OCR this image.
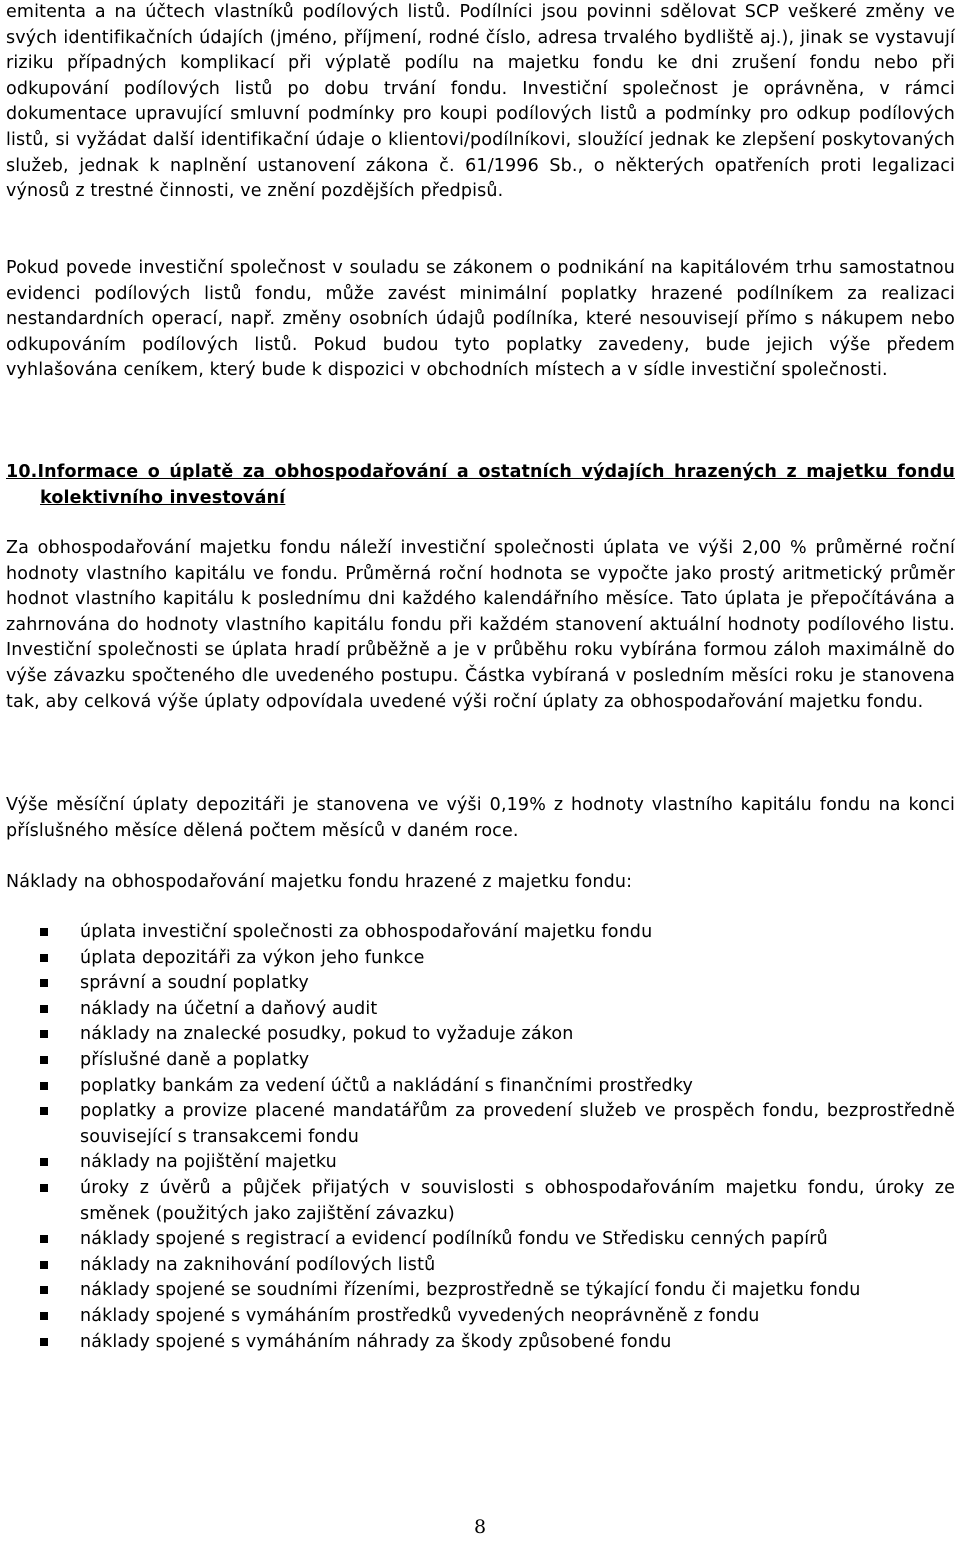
emitenta a na účtech vlastníků podílových listů. Podílníci jsou povinni sdělovat SCP veškeré změny ve svých identifikačních údajích (jméno, příjmení, rodné číslo, adresa trvalého bydliště aj.), jinak se vystavují riziku případných komplikací při výplatě podílu na majetku fondu ke dni zrušení fondu nebo při odkupování podílových listů po dobu trvání fondu. Investiční společnost je oprávněna, v rámci dokumentace upravující smluvní podmínky pro koupi podílových listů a podmínky pro odkup podílových listů, si vyžádat další identifikační údaje o klientovi/podílníkovi, sloužící jednak ke zlepšení poskytovaných služeb, jednak k naplnění ustanovení zákona č. 61/1996 Sb., o některých opatřeních proti legalizaci výnosů z trestné činnosti, ve znění pozdějších předpisů.

Pokud povede investiční společnost v souladu se zákonem o podnikání na kapitálovém trhu samostatnou evidenci podílových listů fondu, může zavést minimální poplatky hrazené podílníkem za realizaci nestandardních operací, např. změny osobních údajů podílníka, které nesouvisejí přímo s nákupem nebo odkupováním podílových listů. Pokud budou tyto poplatky zavedeny, bude jejich výše předem vyhlašována ceníkem, který bude k dispozici v obchodních místech a v sídle investiční společnosti.

10.Informace o úplatě za obhospodařování a ostatních výdajích hrazených z majetku fondu kolektivního investování

Za obhospodařování majetku fondu náleží investiční společnosti úplata ve výši 2,00 % průměrné roční hodnoty vlastního kapitálu ve fondu. Průměrná roční hodnota se vypočte jako prostý aritmetický průměr hodnot vlastního kapitálu k poslednímu dni každého kalendářního měsíce. Tato úplata je přepočítávána a zahrnována do hodnoty vlastního kapitálu fondu při každém stanovení aktuální hodnoty podílového listu. Investiční společnosti se úplata hradí průběžně a je v průběhu roku vybírána formou záloh maximálně do výše závazku spočteného dle uvedeného postupu. Částka vybíraná v posledním měsíci roku je stanovena tak, aby celková výše úplaty odpovídala uvedené výši roční úplaty za obhospodařování majetku fondu.

Výše měsíční úplaty depozitáři je stanovena ve výši 0,19% z hodnoty vlastního kapitálu fondu na konci příslušného měsíce dělená počtem měsíců v daném roce.

Náklady na obhospodařování majetku fondu hrazené z majetku fondu:

úplata investiční společnosti za obhospodařování majetku fondu
úplata depozitáři za výkon jeho funkce
správní a soudní poplatky
náklady na účetní a daňový audit
náklady na znalecké posudky, pokud to vyžaduje zákon
příslušné daně a poplatky
poplatky bankám za vedení účtů a nakládání s finančními prostředky
poplatky a provize placené mandatářům za provedení služeb ve prospěch fondu, bezprostředně související s transakcemi fondu
náklady na pojištění majetku
úroky z úvěrů a půjček přijatých v souvislosti s obhospodařováním majetku fondu, úroky ze směnek (použitých jako zajištění závazku)
náklady spojené s registrací a evidencí podílníků fondu ve Středisku cenných papírů
náklady na zaknihování podílových listů
náklady spojené se soudními řízeními, bezprostředně se týkající fondu či majetku fondu
náklady spojené s vymáháním prostředků vyvedených neoprávněně z fondu
náklady spojené s vymáháním náhrady za škody způsobené fondu
8
